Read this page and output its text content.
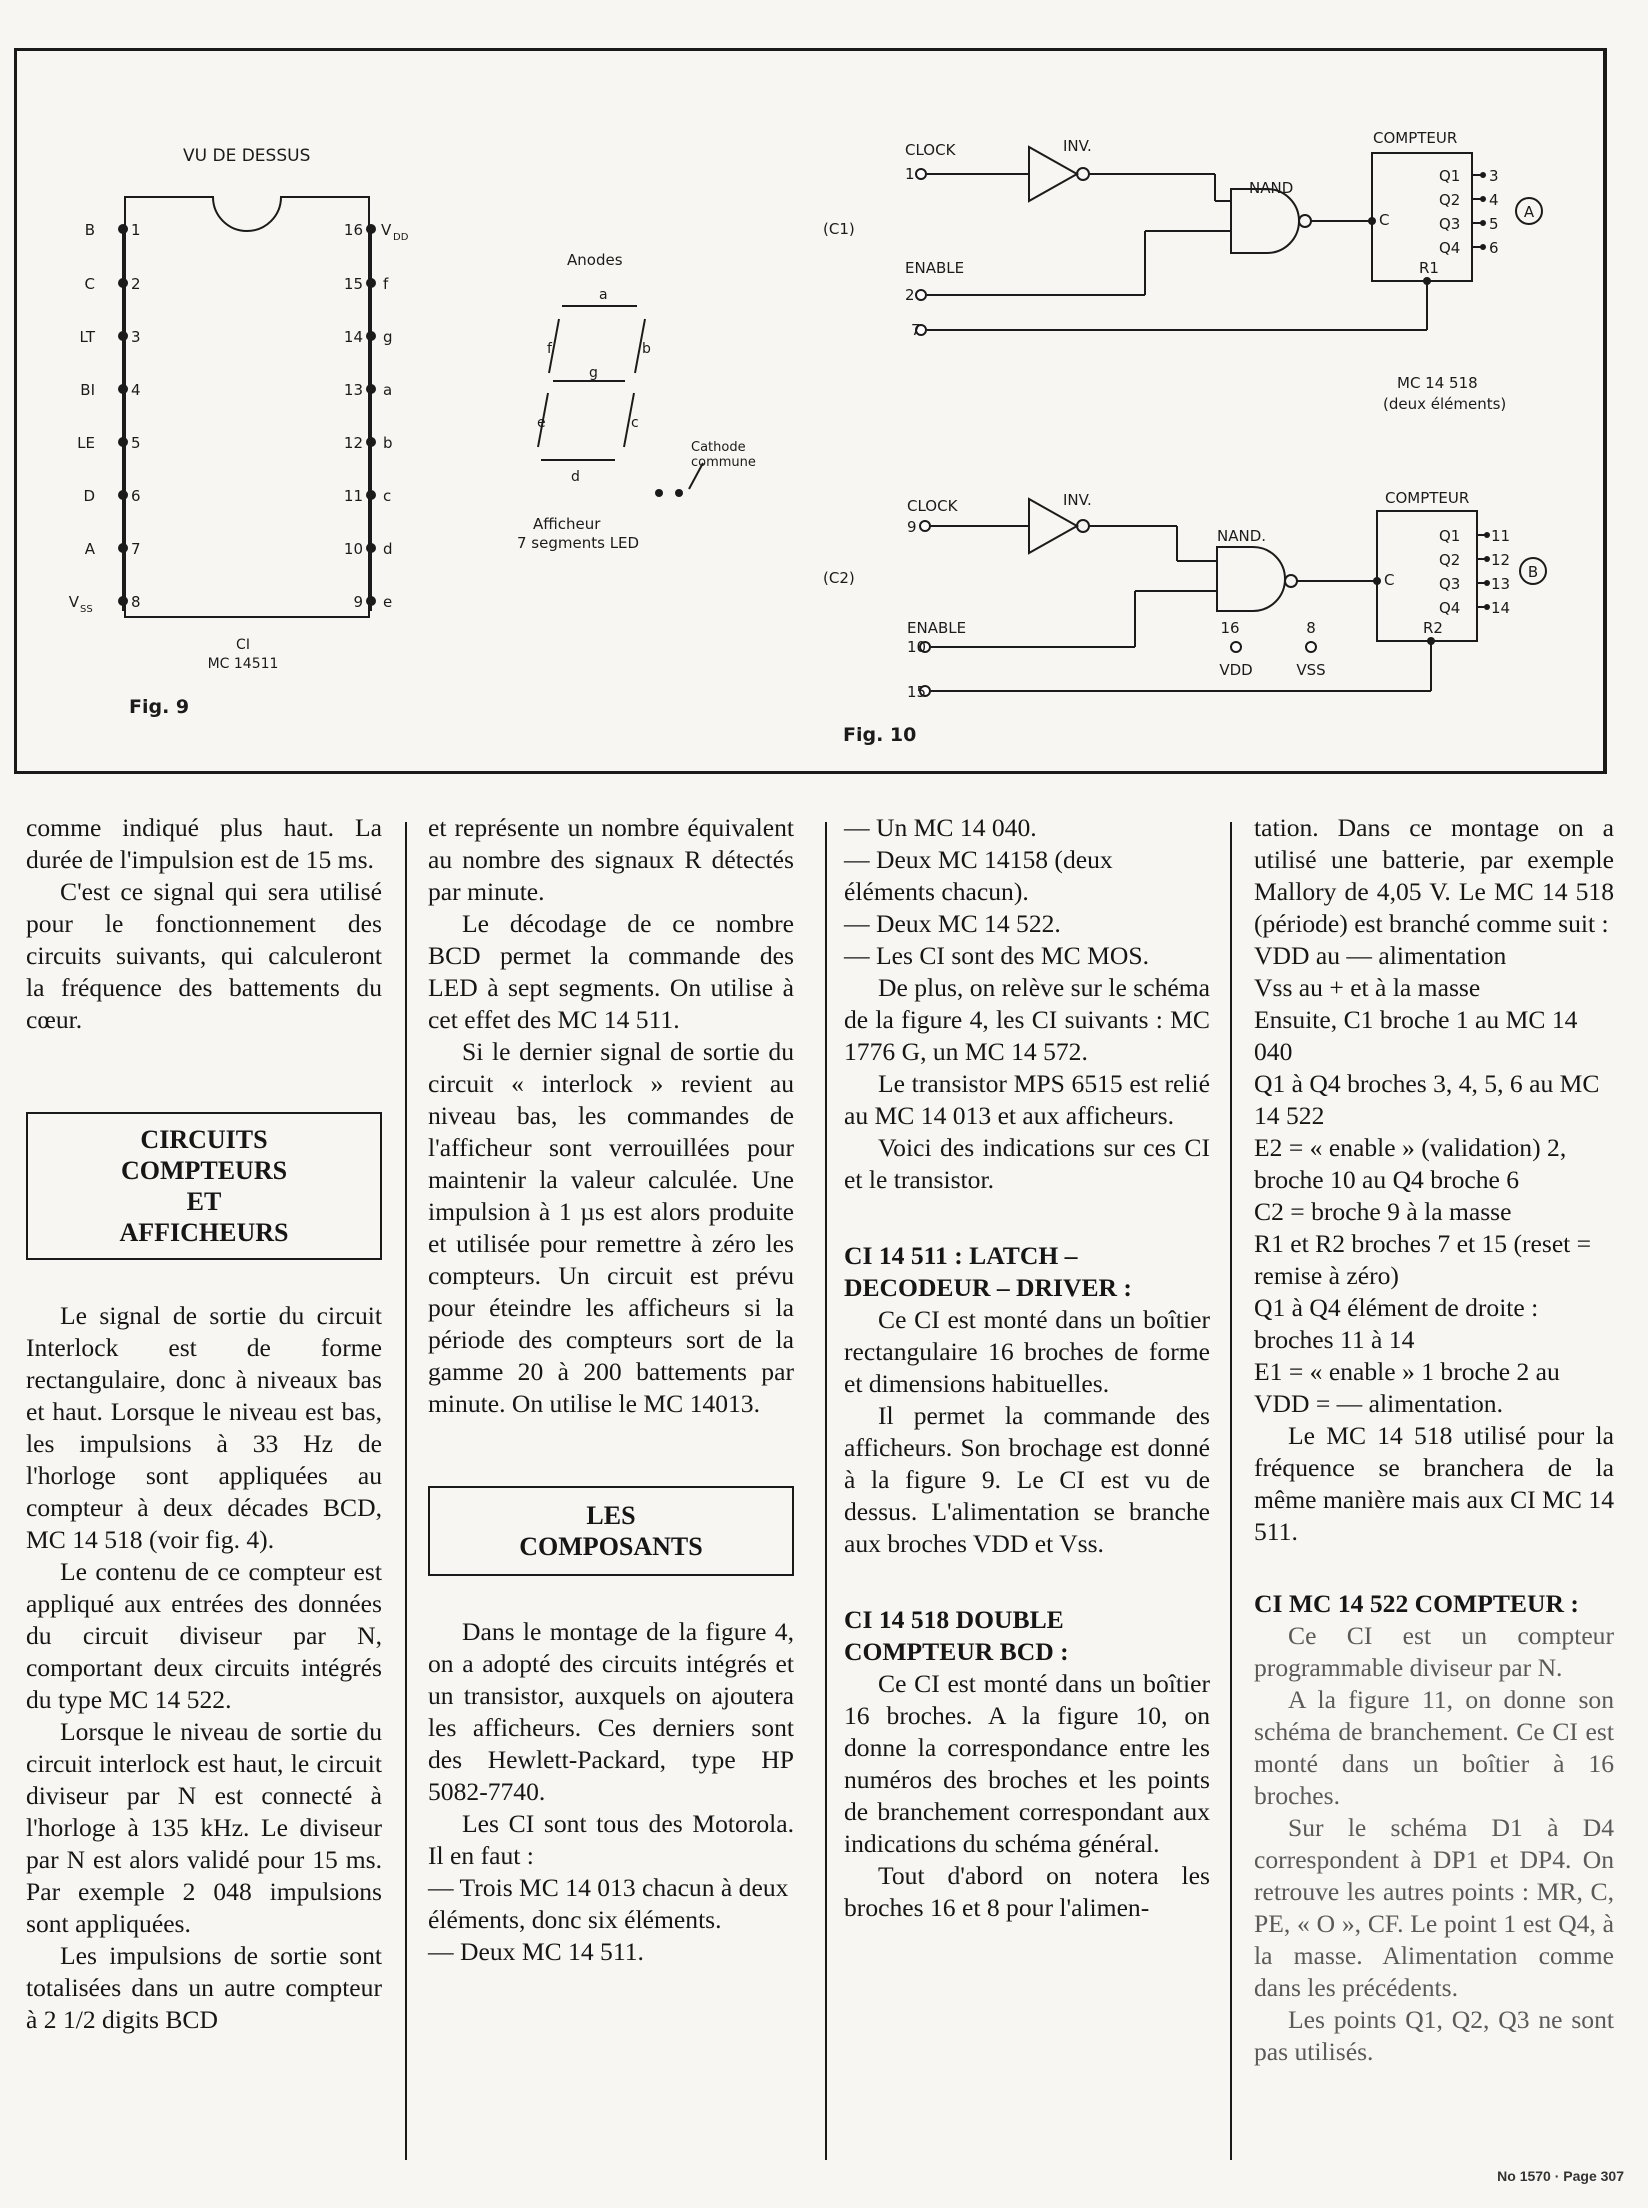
VU DE DESSUS
B
C
LT
BI
LE
D
A
V SS
1
2
3
4
5
6
7
8
16
15
14
13
12
11
10
9
V DD
f
g
a
b
c
d
e
CI
MC 14511
Fig. 9
Anodes
a
b
c
d
e
f
g
Cathode
commune
Afficheur
7 segments LED
(C1)
(C2)
CLOCK
1
INV.
NAND
COMPTEUR
C
ENABLE
2
7
R1
Q1
Q2
Q3
Q4
3
4
5
6
A
MC 14 518
(deux éléments)
CLOCK
9
INV.
NAND.
COMPTEUR
C
ENABLE
10
15
R2
Q1
Q2
Q3
Q4
11
12
13
14
B
16
VDD
8
VSS
Fig. 10

comme indiqué plus haut. La durée de l'impulsion est de 15 ms.

C'est ce signal qui sera utilisé pour le fonctionnement des circuits suivants, qui calculeront la fréquence des battements du cœur.

CIRCUITS
COMPTEURS
ET
AFFICHEURS

Le signal de sortie du circuit Interlock est de forme rectangulaire, donc à niveaux bas et haut. Lorsque le niveau est bas, les impulsions à 33 Hz de l'horloge sont appliquées au compteur à deux décades BCD, MC 14 518 (voir fig. 4).

Le contenu de ce compteur est appliqué aux entrées des données du circuit diviseur par N, comportant deux circuits intégrés du type MC 14 522.

Lorsque le niveau de sortie du circuit interlock est haut, le circuit diviseur par N est connecté à l'horloge à 135 kHz. Le diviseur par N est alors validé pour 15 ms. Par exemple 2 048 impulsions sont appliquées.

Les impulsions de sortie sont totalisées dans un autre compteur à 2 1/2 digits BCD

et représente un nombre équivalent au nombre des signaux R détectés par minute.

Le décodage de ce nombre BCD permet la commande des LED à sept segments. On utilise à cet effet des MC 14 511.

Si le dernier signal de sortie du circuit « interlock » revient au niveau bas, les commandes de l'afficheur sont verrouillées pour maintenir la valeur calculée. Une impulsion à 1 µs est alors produite et utilisée pour remettre à zéro les compteurs. Un circuit est prévu pour éteindre les afficheurs si la période des compteurs sort de la gamme 20 à 200 battements par minute. On utilise le MC 14013.

LES
COMPOSANTS

Dans le montage de la figure 4, on a adopté des circuits intégrés et un transistor, auxquels on ajoutera les afficheurs. Ces derniers sont des Hewlett-Packard, type HP 5082-7740.

Les CI sont tous des Motorola. Il en faut :

— Trois MC 14 013 chacun à deux éléments, donc six éléments.

— Deux MC 14 511.

— Un MC 14 040.

— Deux MC 14158 (deux éléments chacun).

— Deux MC 14 522.

— Les CI sont des MC MOS.

De plus, on relève sur le schéma de la figure 4, les CI suivants : MC 1776 G, un MC 14 572.

Le transistor MPS 6515 est relié au MC 14 013 et aux afficheurs.

Voici des indications sur ces CI et le transistor.

CI 14 511 : LATCH – DECODEUR – DRIVER :

Ce CI est monté dans un boîtier rectangulaire 16 broches de forme et dimensions habituelles.

Il permet la commande des afficheurs. Son brochage est donné à la figure 9. Le CI est vu de dessus. L'alimentation se branche aux broches VDD et Vss.

CI 14 518 DOUBLE COMPTEUR BCD :

Ce CI est monté dans un boîtier 16 broches. A la figure 10, on donne la correspondance entre les numéros des broches et les points de branchement correspondant aux indications du schéma général.

Tout d'abord on notera les broches 16 et 8 pour l'alimen-

tation. Dans ce montage on a utilisé une batterie, par exemple Mallory de 4,05 V. Le MC 14 518 (période) est branché comme suit :

VDD au — alimentation

Vss au + et à la masse

Ensuite, C1 broche 1 au MC 14 040

Q1 à Q4 broches 3, 4, 5, 6 au MC 14 522

E2 = « enable » (validation) 2, broche 10 au Q4 broche 6

C2 = broche 9 à la masse

R1 et R2 broches 7 et 15 (reset = remise à zéro)

Q1 à Q4 élément de droite : broches 11 à 14

E1 = « enable » 1 broche 2 au VDD = — alimentation.

Le MC 14 518 utilisé pour la fréquence se branchera de la même manière mais aux CI MC 14 511.

CI MC 14 522 COMPTEUR :

Ce CI est un compteur programmable diviseur par N.

A la figure 11, on donne son schéma de branchement. Ce CI est monté dans un boîtier à 16 broches.

Sur le schéma D1 à D4 correspondent à DP1 et DP4. On retrouve les autres points : MR, C, PE, « O », CF. Le point 1 est Q4, à la masse. Alimentation comme dans les précédents.

Les points Q1, Q2, Q3 ne sont pas utilisés.

No 1570 · Page 307
